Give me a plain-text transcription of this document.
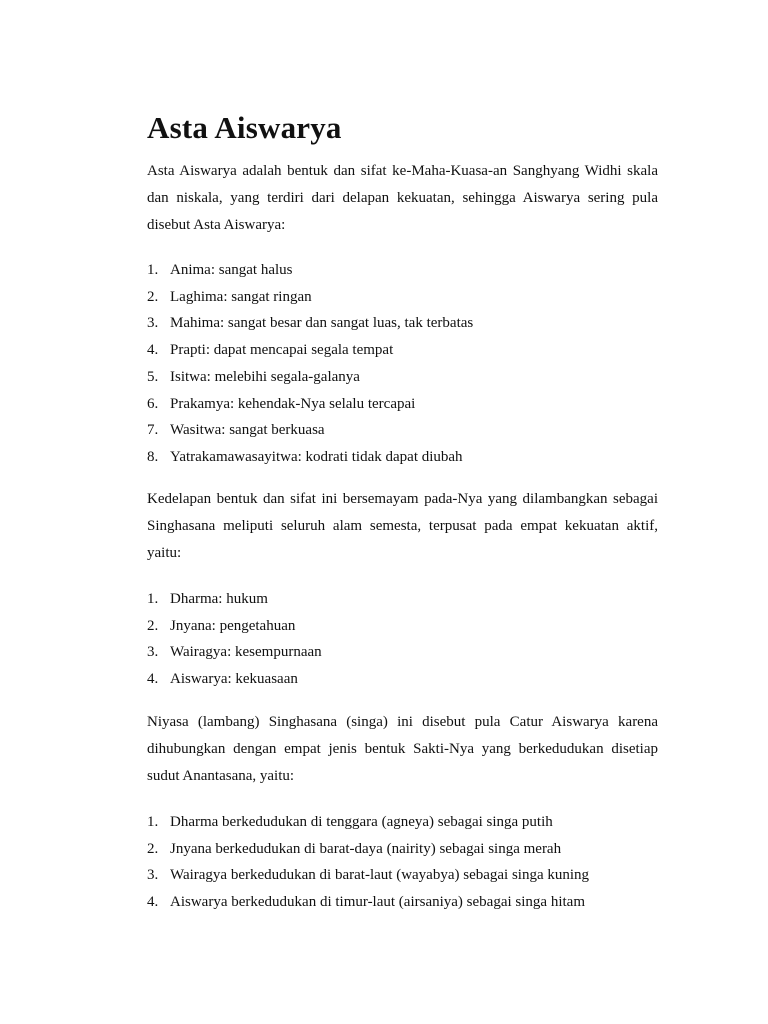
Asta Aiswarya
Asta Aiswarya adalah bentuk dan sifat ke-Maha-Kuasa-an Sanghyang Widhi skala dan niskala, yang terdiri dari delapan kekuatan, sehingga Aiswarya sering pula disebut Asta Aiswarya:
1. Anima: sangat halus
2. Laghima: sangat ringan
3. Mahima: sangat besar dan sangat luas, tak terbatas
4. Prapti: dapat mencapai segala tempat
5. Isitwa: melebihi segala-galanya
6. Prakamya: kehendak-Nya selalu tercapai
7. Wasitwa: sangat berkuasa
8. Yatrakamawasayitwa: kodrati tidak dapat diubah
Kedelapan bentuk dan sifat ini bersemayam pada-Nya yang dilambangkan sebagai Singhasana meliputi seluruh alam semesta, terpusat pada empat kekuatan aktif, yaitu:
1. Dharma: hukum
2. Jnyana: pengetahuan
3. Wairagya: kesempurnaan
4. Aiswarya: kekuasaan
Niyasa (lambang) Singhasana (singa) ini disebut pula Catur Aiswarya karena dihubungkan dengan empat jenis bentuk Sakti-Nya yang berkedudukan disetiap sudut Anantasana, yaitu:
1. Dharma berkedudukan di tenggara (agneya) sebagai singa putih
2. Jnyana berkedudukan di barat-daya (nairity) sebagai singa merah
3. Wairagya berkedudukan di barat-laut (wayabya) sebagai singa kuning
4. Aiswarya berkedudukan di timur-laut (airsaniya) sebagai singa hitam
